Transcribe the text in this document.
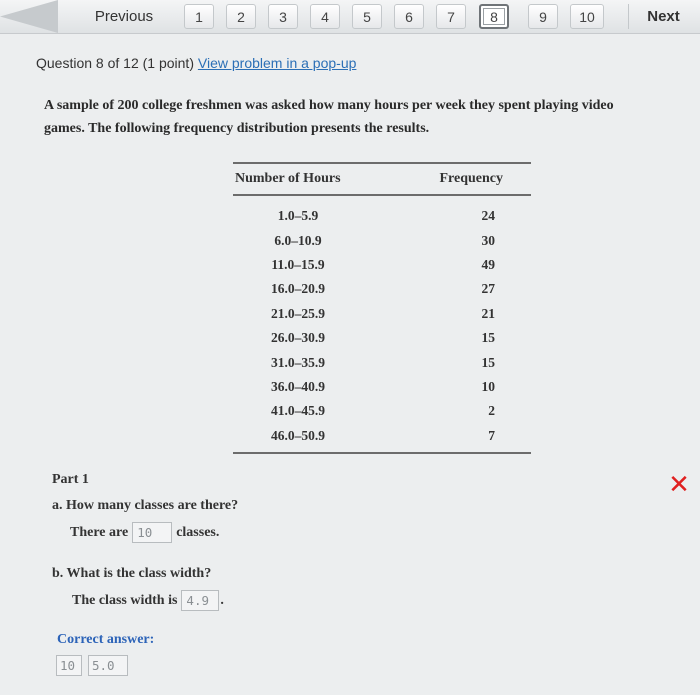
Previous	1	2	3	4	5	6	7	8	9	10	Next
Question 8 of 12 (1 point) View problem in a pop-up
A sample of 200 college freshmen was asked how many hours per week they spent playing video
games. The following frequency distribution presents the results.
Number of Hours	Frequency
1.0–5.9	24
6.0–10.9	30
11.0–15.9	49
16.0–20.9	27
21.0–25.9	21
26.0–30.9	15
31.0–35.9	15
36.0–40.9	10
41.0–45.9	2
46.0–50.9	7
Part 1	✕
a. How many classes are there?
There are 10	classes.
b. What is the class width?
The class width is 4.9 .
Correct answer:
10	5.0
